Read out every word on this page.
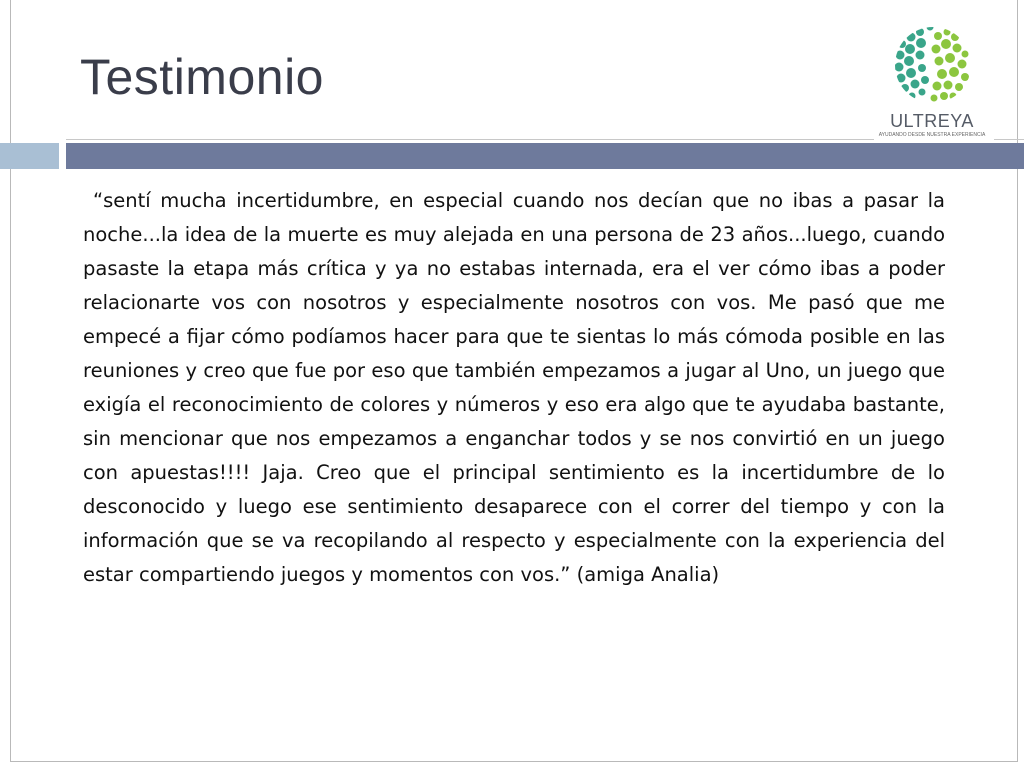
Testimonio
ULTREYA
AYUDANDO DESDE NUESTRA EXPERIENCIA

“sentí mucha incertidumbre, en especial cuando nos decían que no ibas a pasar la noche...la idea de la muerte es muy alejada en una persona de 23 años...luego, cuando pasaste la etapa más crítica y ya no estabas internada, era el ver cómo ibas a poder relacionarte vos con nosotros y especialmente nosotros con vos. Me pasó que me empecé a fijar cómo podíamos hacer para que te sientas lo más cómoda posible en las reuniones y creo que fue por eso que también empezamos a jugar al Uno, un juego que exigía el reconocimiento de colores y números y eso era algo que te ayudaba bastante, sin mencionar que nos empezamos a enganchar todos y se nos convirtió en un juego con apuestas!!!! Jaja. Creo que el principal sentimiento es la incertidumbre de lo desconocido y luego ese sentimiento desaparece con el correr del tiempo y con la información que se va recopilando al respecto y especialmente con la experiencia del estar compartiendo juegos y momentos con vos.” (amiga Analia)
